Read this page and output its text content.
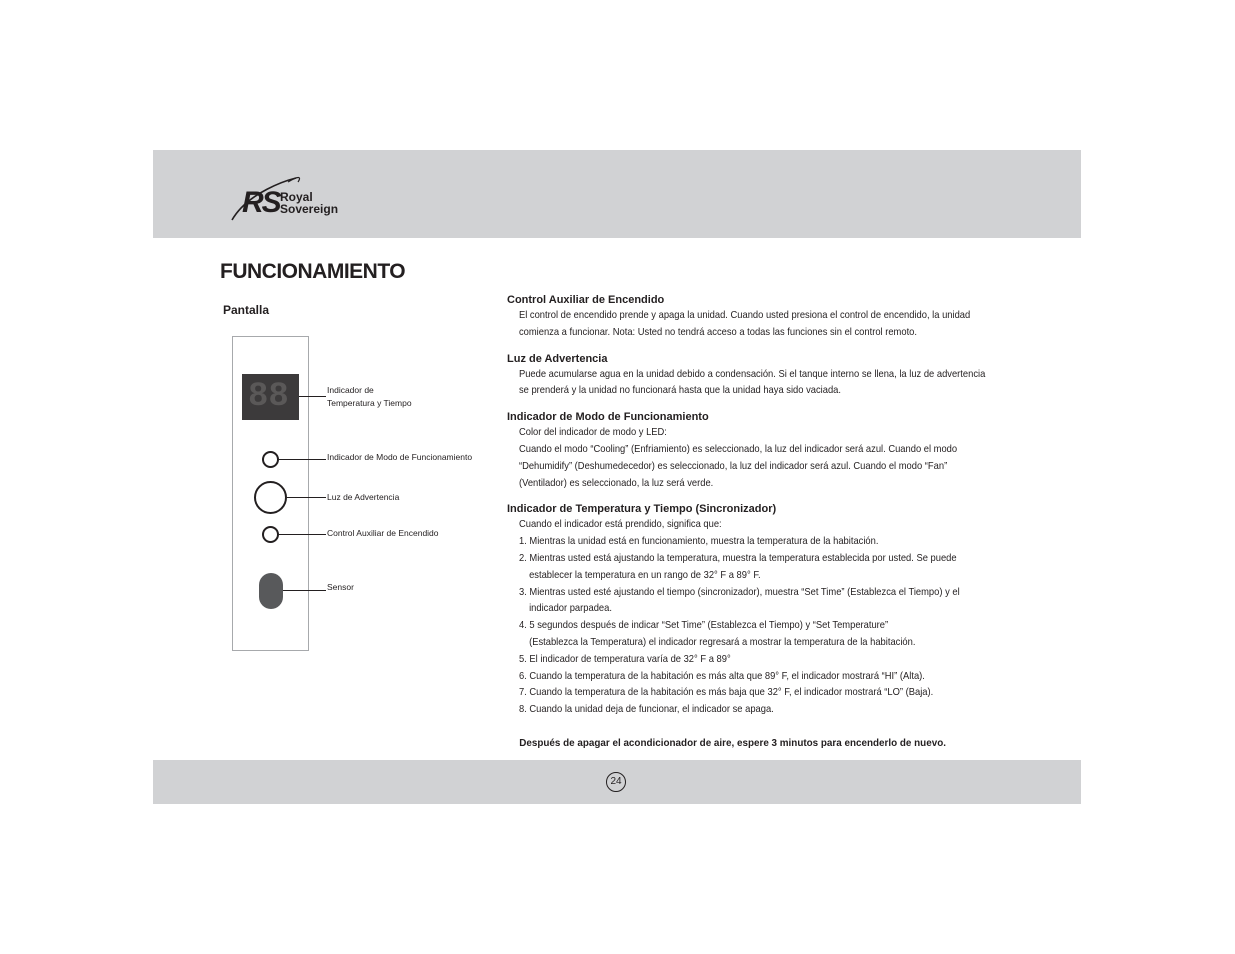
RS Royal
Sovereign
FUNCIONAMIENTO
Pantalla
88	Indicador de
Temperatura y Tiempo
Indicador de Modo de Funcionamiento
Luz de Advertencia
Control Auxiliar de Encendido
Sensor
Control Auxiliar de Encendido
El control de encendido prende y apaga la unidad. Cuando usted presiona el control de encendido, la unidad
comienza a funcionar. Nota: Usted no tendrá acceso a todas las funciones sin el control remoto.
Luz de Advertencia
Puede acumularse agua en la unidad debido a condensación. Si el tanque interno se llena, la luz de advertencia
se prenderá y la unidad no funcionará hasta que la unidad haya sido vaciada.
Indicador de Modo de Funcionamiento
Color del indicador de modo y LED:
Cuando el modo “Cooling” (Enfriamiento) es seleccionado, la luz del indicador será azul. Cuando el modo
“Dehumidify” (Deshumedecedor) es seleccionado, la luz del indicador será azul. Cuando el modo “Fan”
(Ventilador) es seleccionado, la luz será verde.
Indicador de Temperatura y Tiempo (Sincronizador)
Cuando el indicador está prendido, significa que:
1. Mientras la unidad está en funcionamiento, muestra la temperatura de la habitación.
2. Mientras usted está ajustando la temperatura, muestra la temperatura establecida por usted. Se puede
establecer la temperatura en un rango de 32° F a 89° F.
3. Mientras usted esté ajustando el tiempo (sincronizador), muestra “Set Time” (Establezca el Tiempo) y el
indicador parpadea.
4. 5 segundos después de indicar “Set Time” (Establezca el Tiempo) y “Set Temperature”
(Establezca la Temperatura) el indicador regresará a mostrar la temperatura de la habitación.
5. El indicador de temperatura varía de 32° F a 89°
6. Cuando la temperatura de la habitación es más alta que 89° F, el indicador mostrará “HI” (Alta).
7. Cuando la temperatura de la habitación es más baja que 32° F, el indicador mostrará “LO” (Baja).
8. Cuando la unidad deja de funcionar, el indicador se apaga.
Después de apagar el acondicionador de aire, espere 3 minutos para encenderlo de nuevo.
24
